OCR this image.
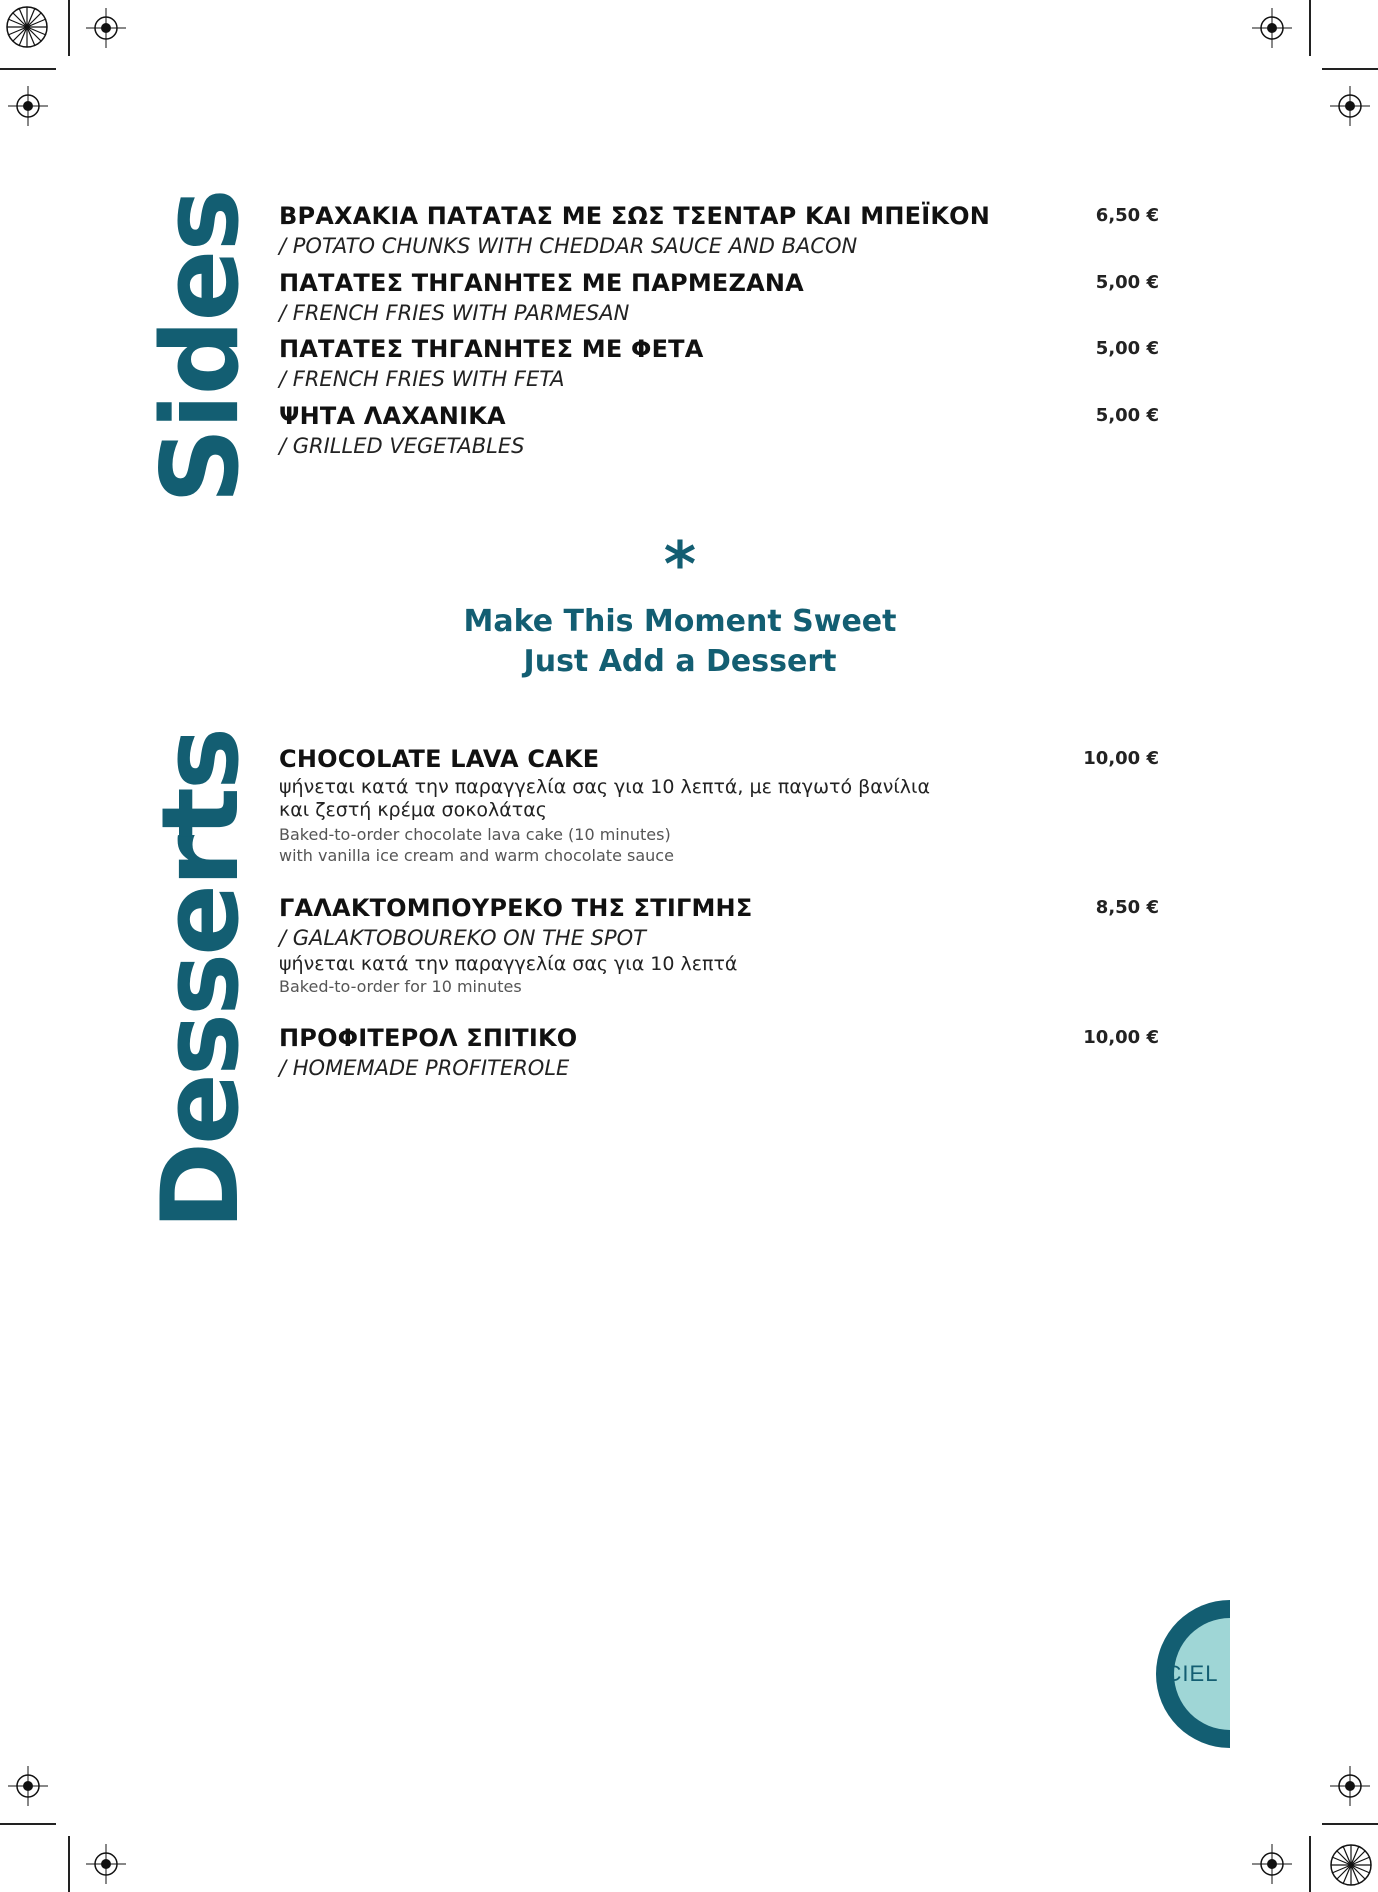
Sides ΒΡΑΧΑΚΙΑ ΠΑΤΑΤΑΣ ΜΕ ΣΩΣ ΤΣΕΝΤΑΡ ΚΑΙ ΜΠΕΪΚΟΝ
/ POTATO CHUNKS WITH CHEDDAR SAUCE AND BACON
6,50 €
ΠΑΤΑΤΕΣ ΤΗΓΑΝΗΤΕΣ ΜΕ ΠΑΡΜΕΖΑΝΑ
/ FRENCH FRIES WITH PARMESAN
5,00 €
ΠΑΤΑΤΕΣ ΤΗΓΑΝΗΤΕΣ ΜΕ ΦΕΤΑ
/ FRENCH FRIES WITH FETA
5,00 €
ΨΗΤΑ ΛΑΧΑΝΙΚΑ
/ GRILLED VEGETABLES
5,00 €
*
Make This Moment Sweet
Just Add a Dessert
Desserts CHOCOLATE LAVA CAKE
ψήνεται κατά την παραγγελία σας για 10 λεπτά, με παγωτό βανίλια
και ζεστή κρέμα σοκολάτας
Baked-to-order chocolate lava cake (10 minutes)
with vanilla ice cream and warm chocolate sauce
10,00 €
ΓΑΛΑΚΤΟΜΠΟΥΡΕΚΟ ΤΗΣ ΣΤΙΓΜΗΣ
/ GALAKTOBOUREKO ON THE SPOT
ψήνεται κατά την παραγγελία σας για 10 λεπτά
Baked-to-order for 10 minutes
8,50 €
ΠΡΟΦΙΤΕΡΟΛ ΣΠΙΤΙΚΟ
/ HOMEMADE PROFITEROLE
10,00 €
CIEL
